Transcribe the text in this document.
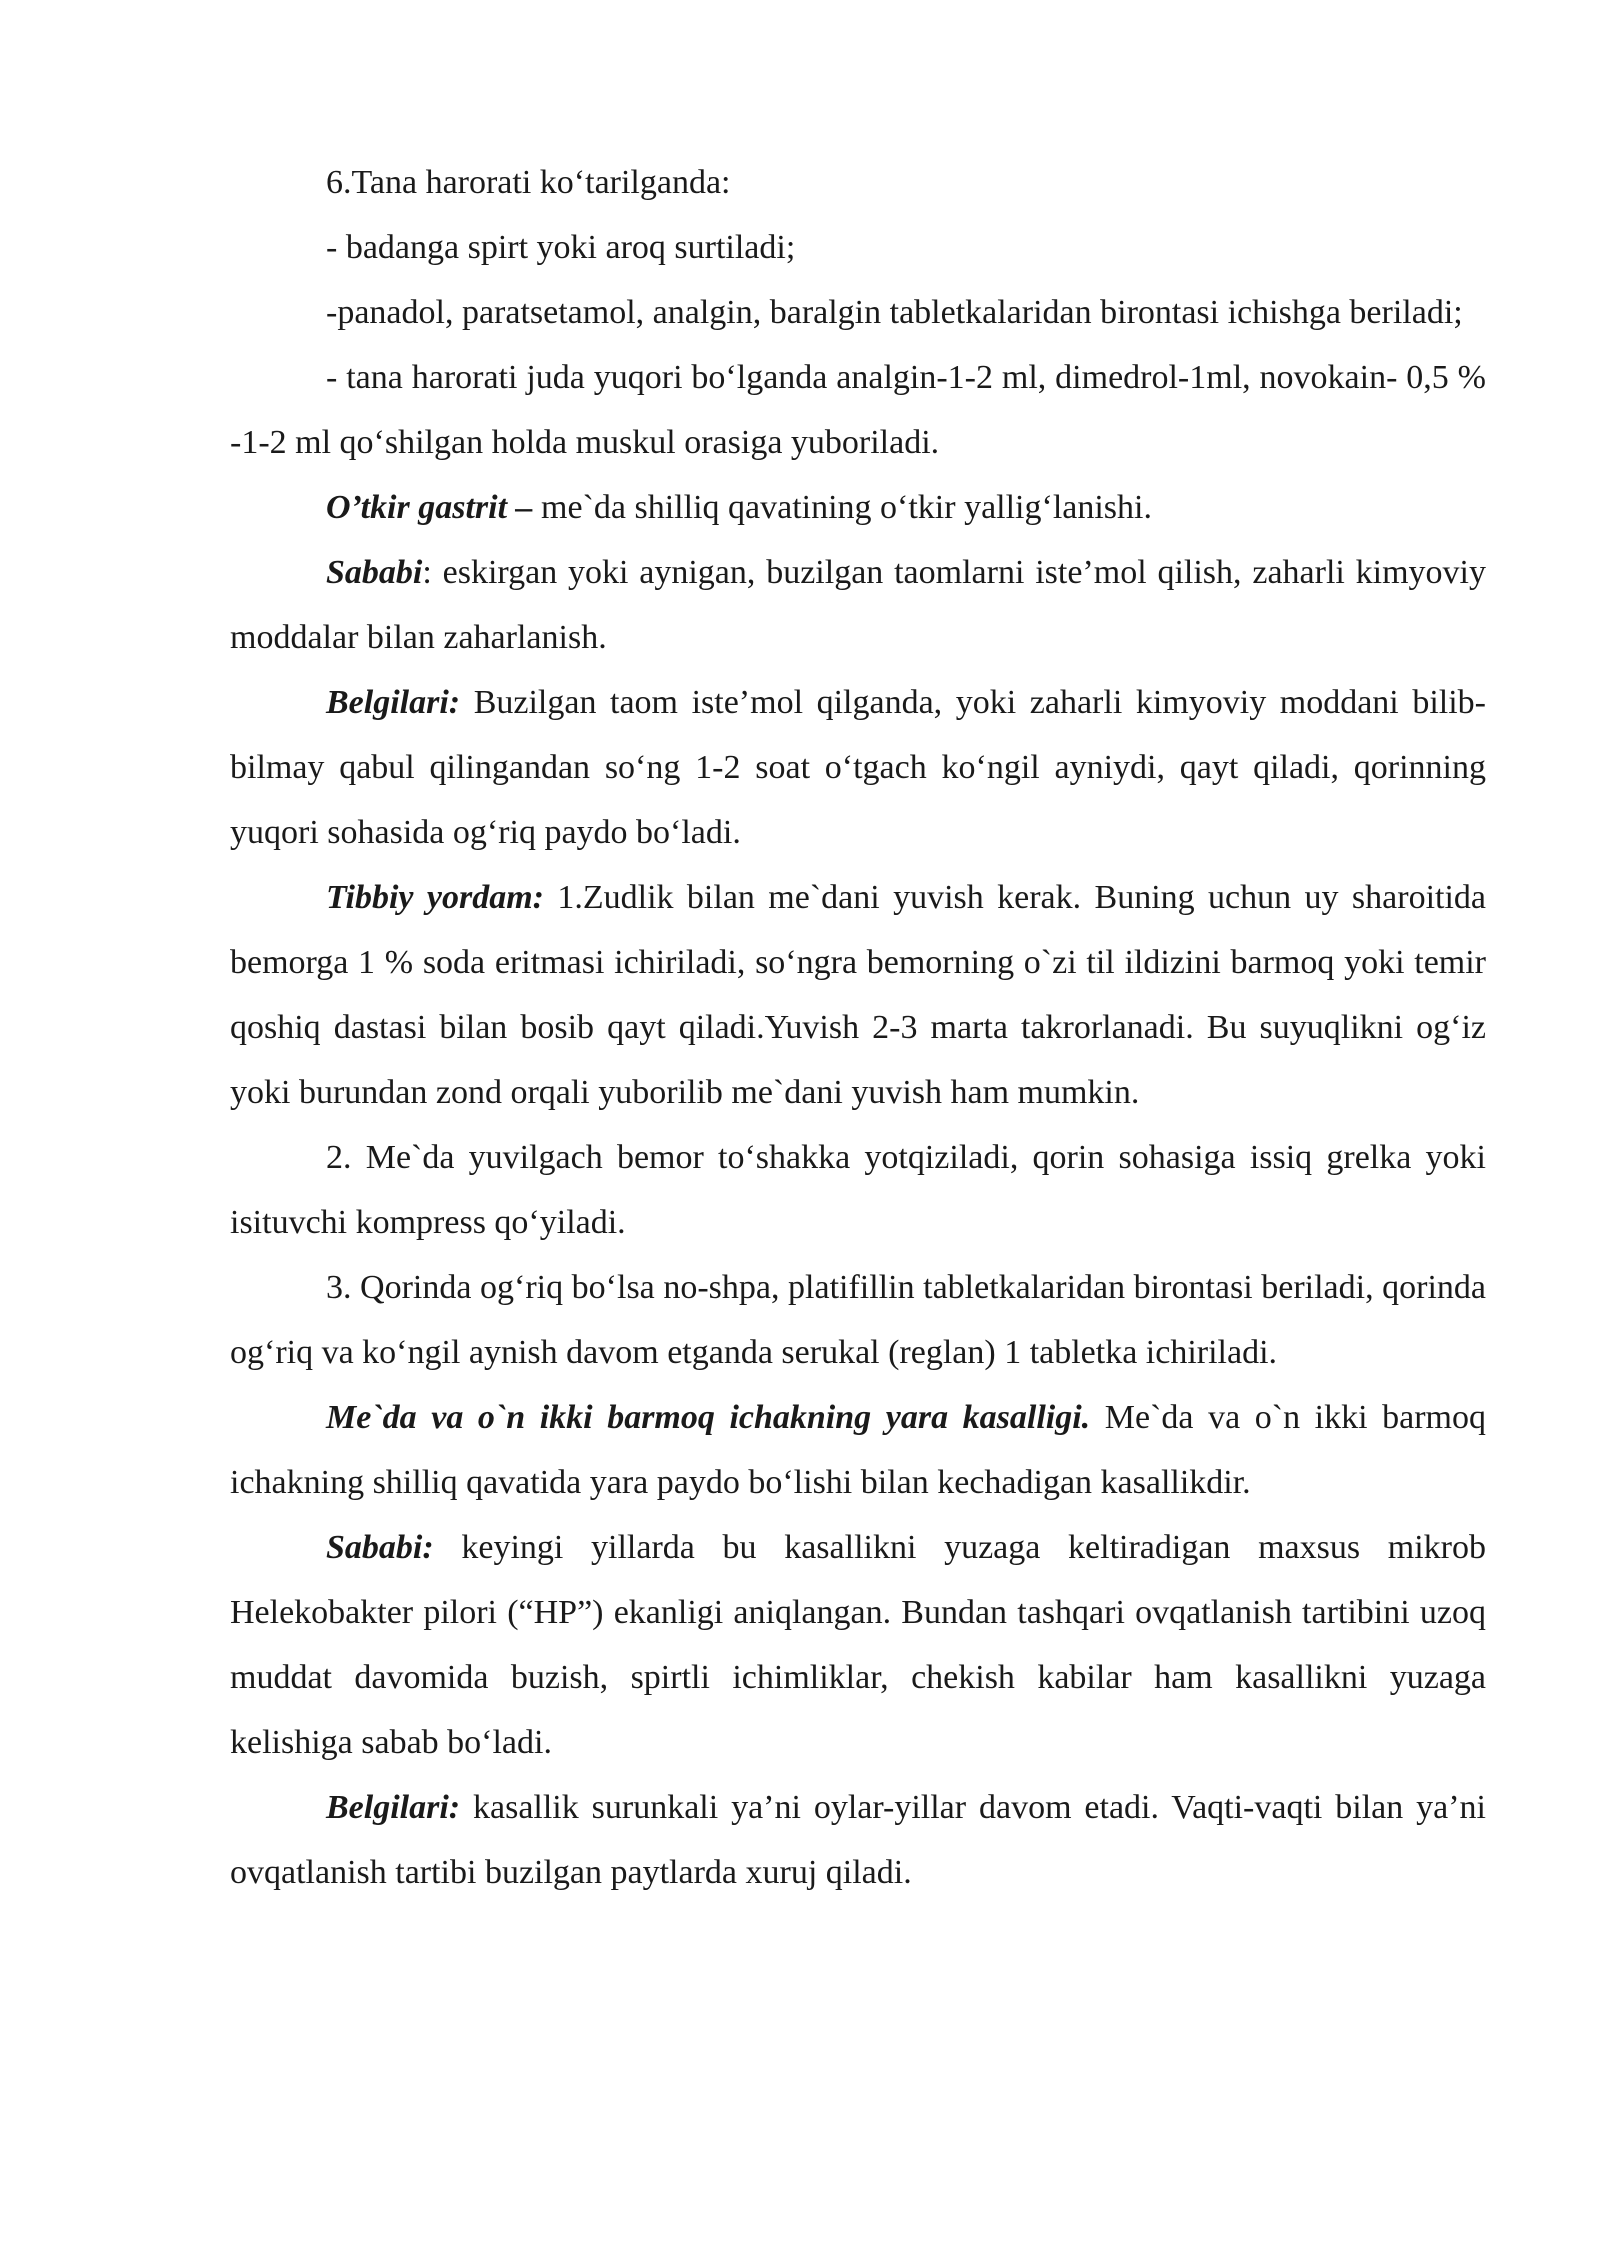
6.Tana harorati ko‘tarilganda:

- badanga spirt yoki aroq surtiladi;

-panadol, paratsetamol, analgin, baralgin tabletkalaridan birontasi ichishga beriladi;

- tana harorati juda yuqori bo‘lganda analgin-1-2 ml, dimedrol-1ml, novokain- 0,5 % -1-2 ml qo‘shilgan holda muskul orasiga yuboriladi.

O’tkir gastrit – me`da shilliq qavatining o‘tkir yallig‘lanishi.

Sababi: eskirgan yoki aynigan, buzilgan taomlarni iste’mol qilish, zaharli kimyoviy moddalar bilan zaharlanish.

Belgilari: Buzilgan taom iste’mol qilganda, yoki zaharli kimyoviy moddani bilib-bilmay qabul qilingandan so‘ng 1-2 soat o‘tgach ko‘ngil ayniydi, qayt qiladi, qorinning yuqori sohasida og‘riq paydo bo‘ladi.

Tibbiy yordam: 1.Zudlik bilan me`dani yuvish kerak. Buning uchun uy sharoitida bemorga 1 % soda eritmasi ichiriladi, so‘ngra bemorning o`zi til ildizini barmoq yoki temir qoshiq dastasi bilan bosib qayt qiladi.Yuvish 2-3 marta takrorlanadi. Bu suyuqlikni og‘iz yoki burundan zond orqali yuborilib me`dani yuvish ham mumkin.

2. Me`da yuvilgach bemor to‘shakka yotqiziladi, qorin sohasiga issiq grelka yoki isituvchi kompress qo‘yiladi.

3. Qorinda og‘riq bo‘lsa no-shpa, platifillin tabletkalaridan birontasi beriladi, qorinda og‘riq va ko‘ngil aynish davom etganda serukal (reglan) 1 tabletka ichiriladi.

Me`da va o`n ikki barmoq ichakning yara kasalligi. Me`da va o`n ikki barmoq ichakning shilliq qavatida yara paydo bo‘lishi bilan kechadigan kasallikdir.

Sababi: keyingi yillarda bu kasallikni yuzaga keltiradigan maxsus mikrob Helekobakter pilori (“HP”) ekanligi aniqlangan. Bundan tashqari ovqatlanish tartibini uzoq muddat davomida buzish, spirtli ichimliklar, chekish kabilar ham kasallikni yuzaga kelishiga sabab bo‘ladi.

Belgilari: kasallik surunkali ya’ni oylar-yillar davom etadi. Vaqti-vaqti bilan ya’ni ovqatlanish tartibi buzilgan paytlarda xuruj qiladi.
